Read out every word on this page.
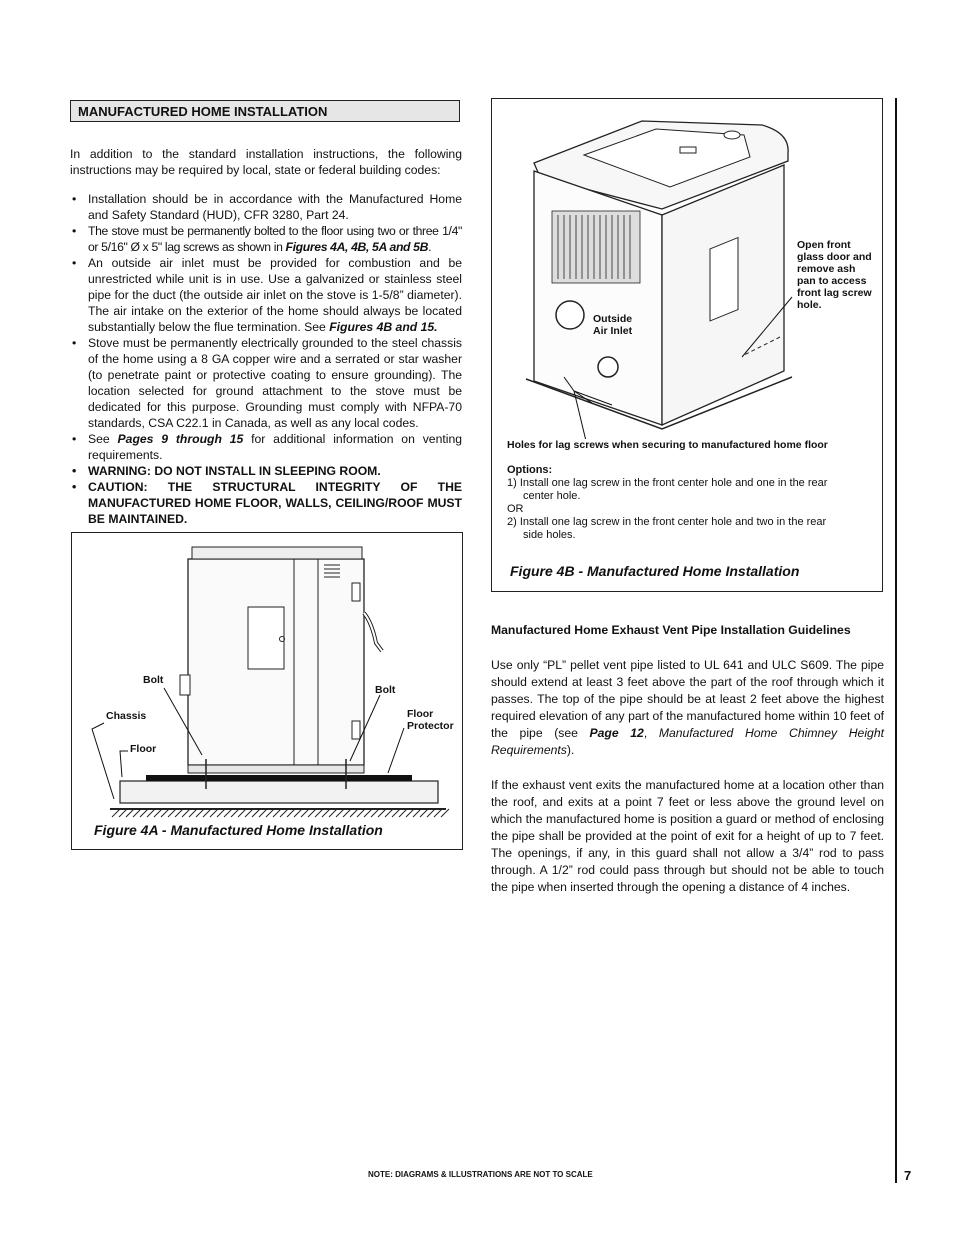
MANUFACTURED HOME INSTALLATION
In addition to the standard installation instructions, the following instructions may be required by local, state or federal building codes:
• Installation should be in accordance with the Manufactured Home and Safety Standard (HUD), CFR 3280, Part 24.
• The stove must be permanently bolted to the floor using two or three 1/4" or 5/16" Ø x 5" lag screws as shown in Figures 4A, 4B, 5A and 5B.
• An outside air inlet must be provided for combustion and be unrestricted while unit is in use. Use a galvanized or stainless steel pipe for the duct (the outside air inlet on the stove is 1-5/8” diameter). The air intake on the exterior of the home should always be located substantially below the flue termination. See Figures 4B and 15.
• Stove must be permanently electrically grounded to the steel chassis of the home using a 8 GA copper wire and a serrated or star washer (to penetrate paint or protective coating to ensure grounding). The location selected for ground attachment to the stove must be dedicated for this purpose. Grounding must comply with NFPA-70 standards, CSA C22.1 in Canada, as well as any local codes.
• See Pages 9 through 15 for additional information on venting requirements.
• WARNING: DO NOT INSTALL IN SLEEPING ROOM.
• CAUTION: THE STRUCTURAL INTEGRITY OF THE MANUFACTURED HOME FLOOR, WALLS, CEILING/ROOF MUST BE MAINTAINED.
Bolt
Bolt
Chassis
Floor
Floor
Protector
Figure 4A - Manufactured Home Installation
Outside
Air Inlet
Open front
glass door and
remove ash
pan to access
front lag screw
hole.
Holes for lag screws when securing to manufactured home floor
Options:
1) Install one lag screw in the front center hole and one in the rear
center hole.
OR
2) Install one lag screw in the front center hole and two in the rear
side holes.
Figure 4B - Manufactured Home Installation
Manufactured Home Exhaust Vent Pipe Installation Guidelines
Use only “PL” pellet vent pipe listed to UL 641 and ULC S609. The pipe should extend at least 3 feet above the part of the roof through which it passes. The top of the pipe should be at least 2 feet above the highest required elevation of any part of the manufactured home within 10 feet of the pipe (see Page 12, Manufactured Home Chimney Height Requirements).
If the exhaust vent exits the manufactured home at a location other than the roof, and exits at a point 7 feet or less above the ground level on which the manufactured home is position a guard or method of enclosing the pipe shall be provided at the point of exit for a height of up to 7 feet. The openings, if any, in this guard shall not allow a 3/4” rod to pass through. A 1/2” rod could pass through but should not be able to touch the pipe when inserted through the opening a distance of 4 inches.
NOTE: DIAGRAMS & ILLUSTRATIONS ARE NOT TO SCALE	7
